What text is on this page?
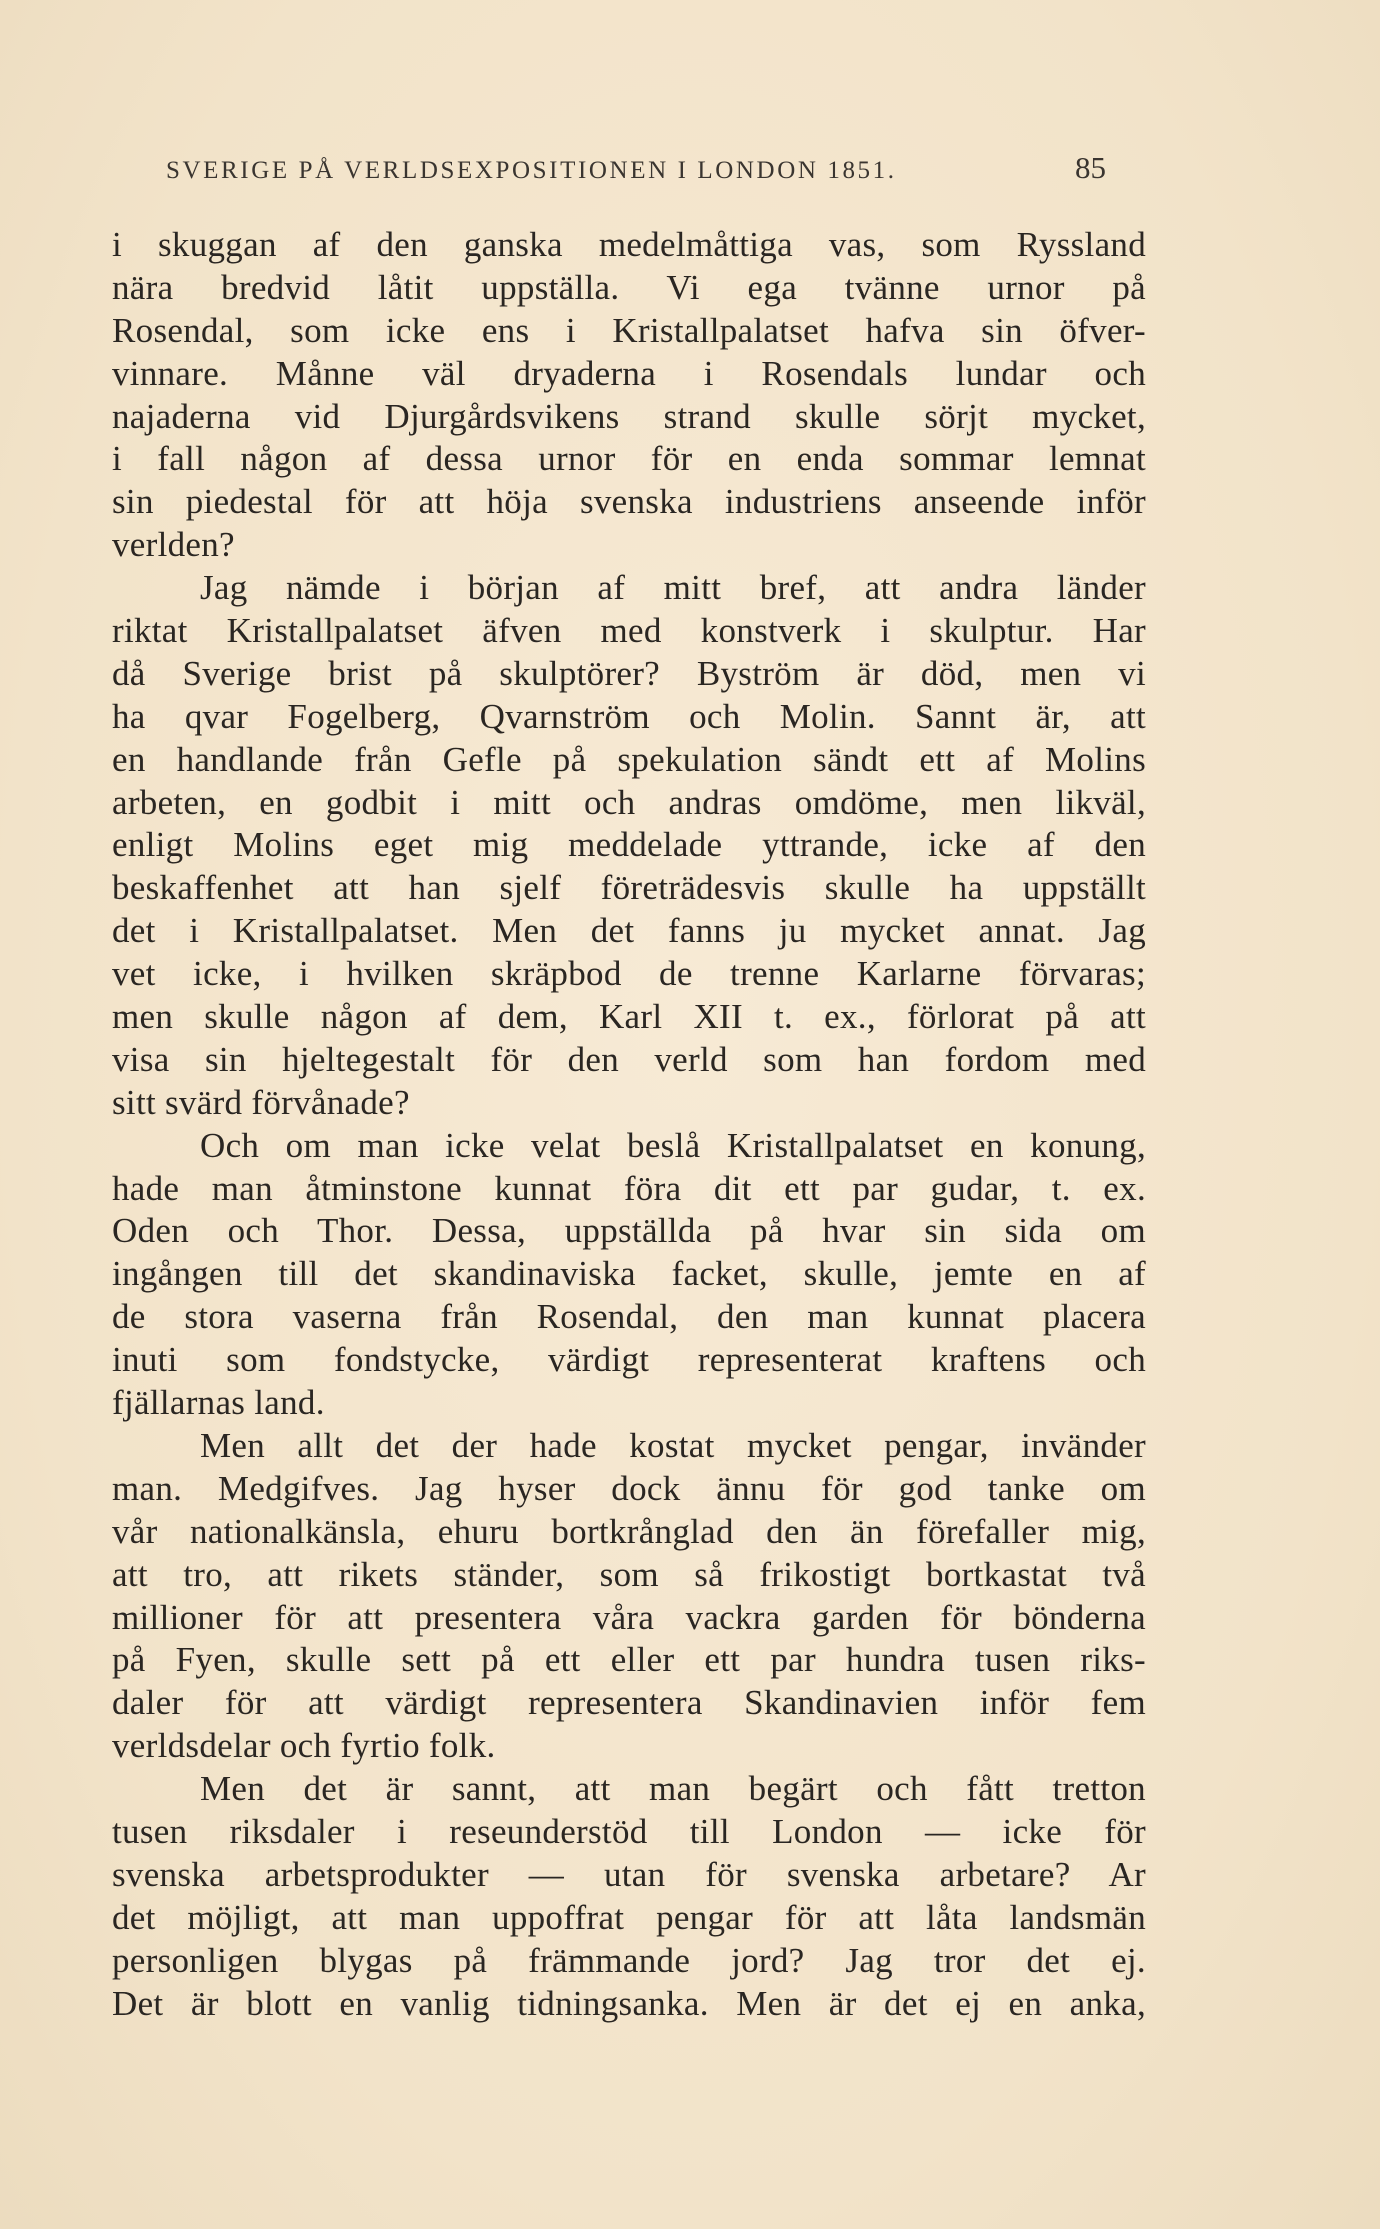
SVERIGE PÅ VERLDSEXPOSITIONEN I LONDON 1851.	85
i skuggan af den ganska medelmåttiga vas, som Ryssland
nära bredvid låtit uppställa. Vi ega tvänne urnor på
Rosendal, som icke ens i Kristallpalatset hafva sin öfver-
vinnare. Månne väl dryaderna i Rosendals lundar och
najaderna vid Djurgårdsvikens strand skulle sörjt mycket,
i fall någon af dessa urnor för en enda sommar lemnat
sin piedestal för att höja svenska industriens anseende inför
verlden?
Jag nämde i början af mitt bref, att andra länder
riktat Kristallpalatset äfven med konstverk i skulptur. Har
då Sverige brist på skulptörer? Byström är död, men vi
ha qvar Fogelberg, Qvarnström och Molin. Sannt är, att
en handlande från Gefle på spekulation sändt ett af Molins
arbeten, en godbit i mitt och andras omdöme, men likväl,
enligt Molins eget mig meddelade yttrande, icke af den
beskaffenhet att han sjelf företrädesvis skulle ha uppställt
det i Kristallpalatset. Men det fanns ju mycket annat. Jag
vet icke, i hvilken skräpbod de trenne Karlarne förvaras;
men skulle någon af dem, Karl XII t. ex., förlorat på att
visa sin hjeltegestalt för den verld som han fordom med
sitt svärd förvånade?
Och om man icke velat beslå Kristallpalatset en konung,
hade man åtminstone kunnat föra dit ett par gudar, t. ex.
Oden och Thor. Dessa, uppställda på hvar sin sida om
ingången till det skandinaviska facket, skulle, jemte en af
de stora vaserna från Rosendal, den man kunnat placera
inuti som fondstycke, värdigt representerat kraftens och
fjällarnas land.
Men allt det der hade kostat mycket pengar, invänder
man. Medgifves. Jag hyser dock ännu för god tanke om
vår nationalkänsla, ehuru bortkrånglad den än förefaller mig,
att tro, att rikets ständer, som så frikostigt bortkastat två
millioner för att presentera våra vackra garden för bönderna
på Fyen, skulle sett på ett eller ett par hundra tusen riks-
daler för att värdigt representera Skandinavien inför fem
verldsdelar och fyrtio folk.
Men det är sannt, att man begärt och fått tretton
tusen riksdaler i reseunderstöd till London — icke för
svenska arbetsprodukter — utan för svenska arbetare? Ar
det möjligt, att man uppoffrat pengar för att låta landsmän
personligen blygas på främmande jord? Jag tror det ej.
Det är blott en vanlig tidningsanka. Men är det ej en anka,
